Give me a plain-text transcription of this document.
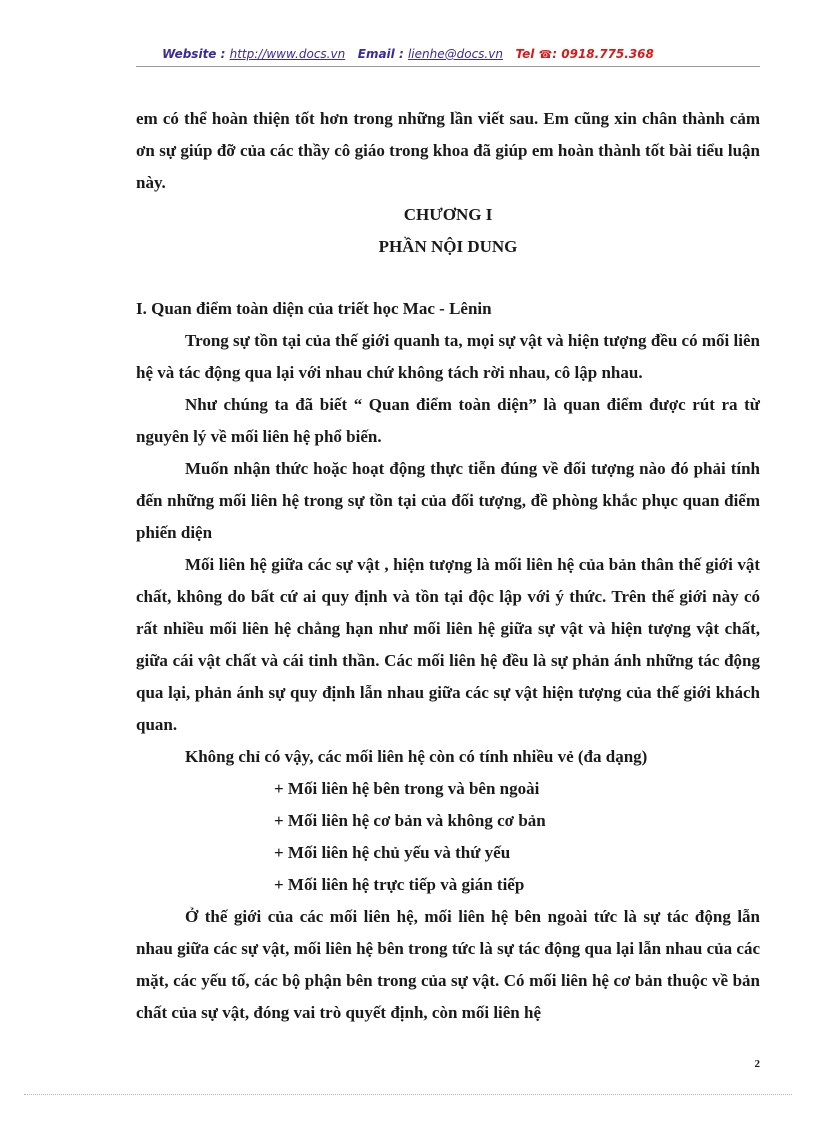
Website : http://www.docs.vn Email : lienhe@docs.vn Tel ☎: 0918.775.368

em có thể hoàn thiện tốt hơn trong những lần viết sau. Em cũng xin chân thành cảm ơn sự giúp đỡ của các thầy cô giáo trong khoa đã giúp em hoàn thành tốt bài tiểu luận này.

CHƯƠNG I

PHẦN NỘI DUNG

I. Quan điểm toàn diện của triết học Mac - Lênin

Trong sự tồn tại của thế giới quanh ta, mọi sự vật và hiện tượng đều có mối liên hệ và tác động qua lại với nhau chứ không tách rời nhau, cô lập nhau.

Như chúng ta đã biết “ Quan điểm toàn diện” là quan điểm được rút ra từ nguyên lý về mối liên hệ phổ biến.

Muốn nhận thức hoặc hoạt động thực tiễn đúng về đối tượng nào đó phải tính đến những mối liên hệ trong sự tồn tại của đối tượng, đề phòng khắc phục quan điểm phiến diện

Mối liên hệ giữa các sự vật , hiện tượng là mối liên hệ của bản thân thế giới vật chất, không do bất cứ ai quy định và tồn tại độc lập với ý thức. Trên thế giới này có rất nhiều mối liên hệ chẳng hạn như mối liên hệ giữa sự vật và hiện tượng vật chất, giữa cái vật chất và cái tinh thần. Các mối liên hệ đều là sự phản ánh những tác động qua lại, phản ánh sự quy định lẫn nhau giữa các sự vật hiện tượng của thế giới khách quan.

Không chỉ có vậy, các mối liên hệ còn có tính nhiều vẻ (đa dạng)

+ Mối liên hệ bên trong và bên ngoài

+ Mối liên hệ cơ bản và không cơ bản

+ Mối liên hệ chủ yếu và thứ yếu

+ Mối liên hệ trực tiếp và gián tiếp

Ở thế giới của các mối liên hệ, mối liên hệ bên ngoài tức là sự tác động lẫn nhau giữa các sự vật, mối liên hệ bên trong tức là sự tác động qua lại lẫn nhau của các mặt, các yếu tố, các bộ phận bên trong của sự vật. Có mối liên hệ cơ bản thuộc về bản chất của sự vật, đóng vai trò quyết định, còn mối liên hệ

2
